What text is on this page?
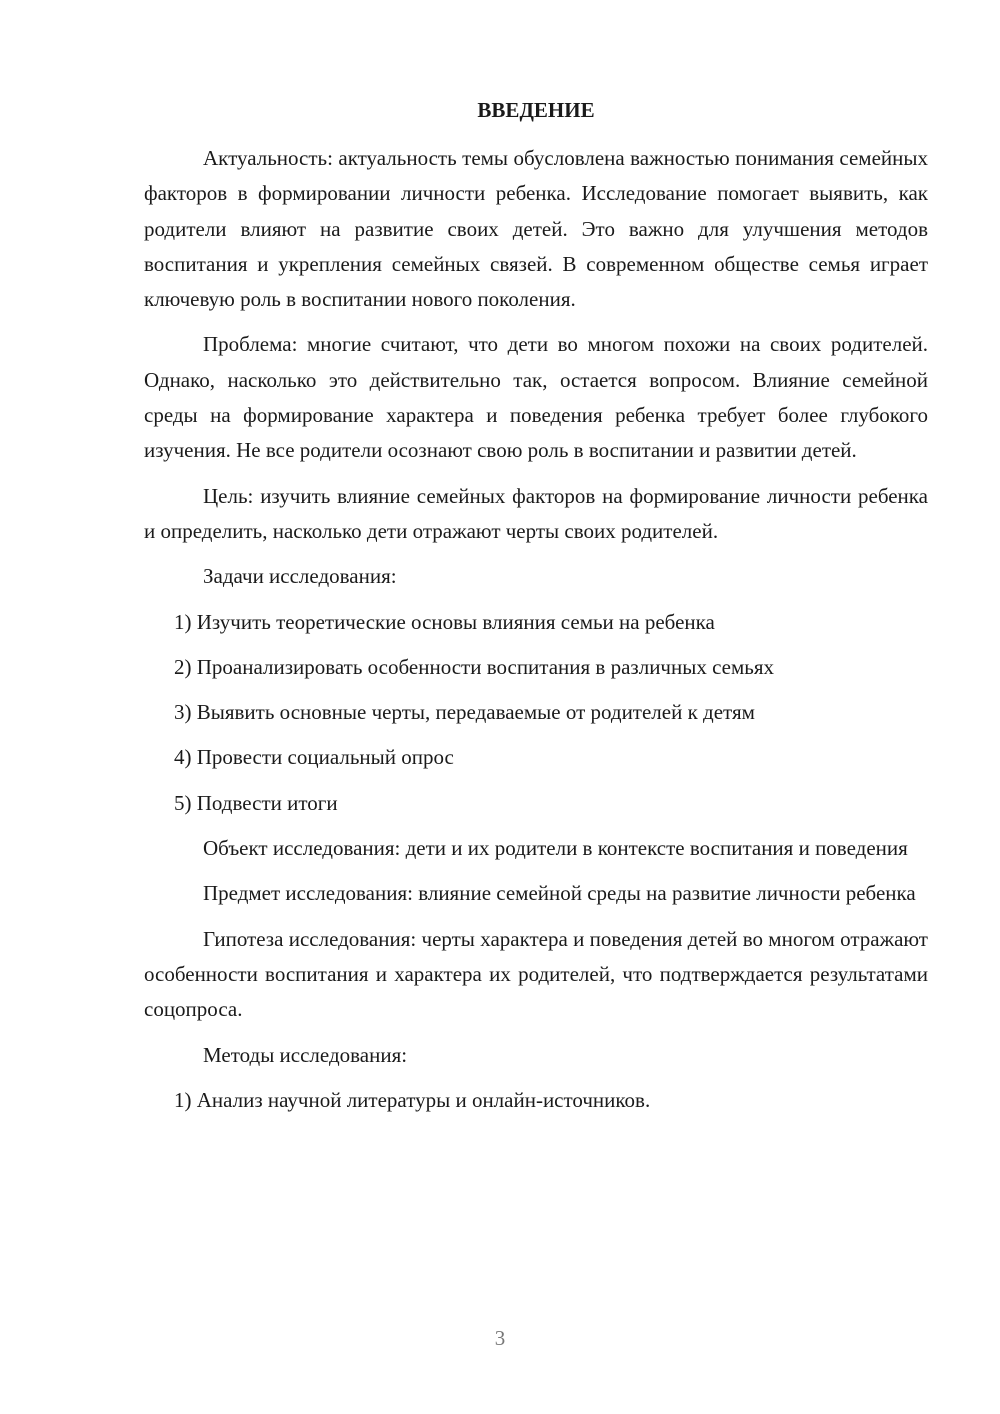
ВВЕДЕНИЕ

Актуальность: актуальность темы обусловлена важностью понимания семейных факторов в формировании личности ребенка. Исследование помогает выявить, как родители влияют на развитие своих детей. Это важно для улучшения методов воспитания и укрепления семейных связей. В современном обществе семья играет ключевую роль в воспитании нового поколения.

Проблема: многие считают, что дети во многом похожи на своих родителей. Однако, насколько это действительно так, остается вопросом. Влияние семейной среды на формирование характера и поведения ребенка требует более глубокого изучения. Не все родители осознают свою роль в воспитании и развитии детей.

Цель: изучить влияние семейных факторов на формирование личности ребенка и определить, насколько дети отражают черты своих родителей.

Задачи исследования:

1) Изучить теоретические основы влияния семьи на ребенка
2) Проанализировать особенности воспитания в различных семьях
3) Выявить основные черты, передаваемые от родителей к детям
4) Провести социальный опрос
5) Подвести итоги

Объект исследования: дети и их родители в контексте воспитания и поведения

Предмет исследования: влияние семейной среды на развитие личности ребенка

Гипотеза исследования: черты характера и поведения детей во многом отражают особенности воспитания и характера их родителей, что подтверждается результатами соцопроса.

Методы исследования:

1) Анализ научной литературы и онлайн-источников.
3
